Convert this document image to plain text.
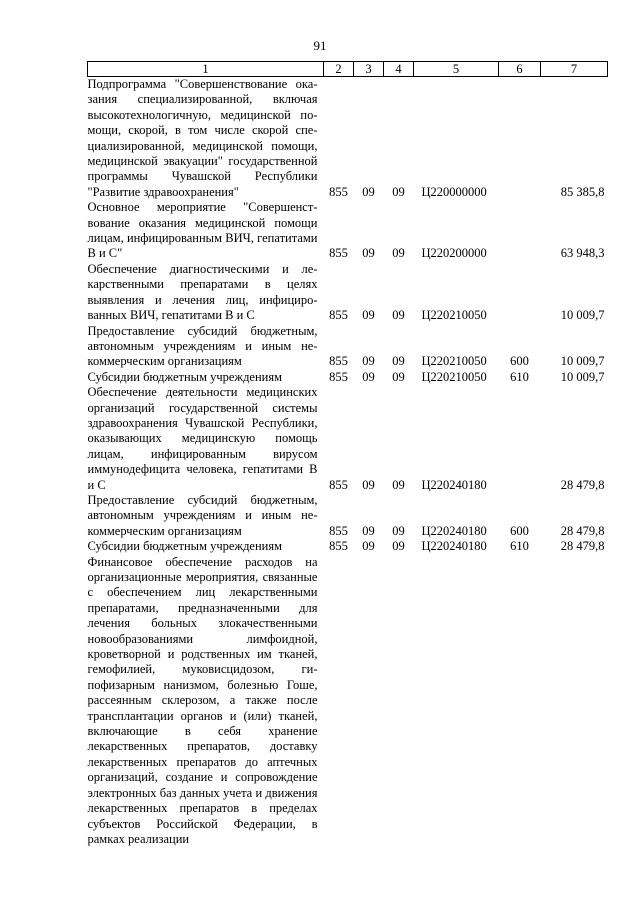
91
1	2	3	4	5	6	7
Подпрограмма "Совершенствование оказания специализированной, включая высокотехнологичную, медицинской помощи, скорой, в том числе скорой специализированной, медицинской помощи, медицинской эвакуации" государственной программы Чувашской Республики "Развитие здравоохранения"	855	09	09	Ц220000000		85 385,8
Основное мероприятие "Совершенствование оказания медицинской помощи лицам, инфицированным ВИЧ, гепатитами В и С"	855	09	09	Ц220200000		63 948,3
Обеспечение диагностическими и лекарственными препаратами в целях выявления и лечения лиц, инфицированных ВИЧ, гепатитами В и С	855	09	09	Ц220210050		10 009,7
Предоставление субсидий бюджетным, автономным учреждениям и иным некоммерческим организациям	855	09	09	Ц220210050	600	10 009,7
Субсидии бюджетным учреждениям	855	09	09	Ц220210050	610	10 009,7
Обеспечение деятельности медицинских организаций государственной системы здравоохранения Чувашской Республики, оказывающих медицинскую помощь лицам, инфицированным вирусом иммунодефицита человека, гепатитами В и С	855	09	09	Ц220240180		28 479,8
Предоставление субсидий бюджетным, автономным учреждениям и иным некоммерческим организациям	855	09	09	Ц220240180	600	28 479,8
Субсидии бюджетным учреждениям	855	09	09	Ц220240180	610	28 479,8
Финансовое обеспечение расходов на организационные мероприятия, связанные с обеспечением лиц лекарственными препаратами, предназначенными для лечения больных злокачественными новообразованиями лимфоидной, кроветворной и родственных им тканей, гемофилией, муковисцидозом, гипофизарным нанизмом, болезнью Гоше, рассеянным склерозом, а также после трансплантации органов и (или) тканей, включающие в себя хранение лекарственных препаратов, доставку лекарственных препаратов до аптечных организаций, создание и сопровождение электронных баз данных учета и движения лекарственных препаратов в пределах субъектов Российской Федерации, в рамках реализации						
